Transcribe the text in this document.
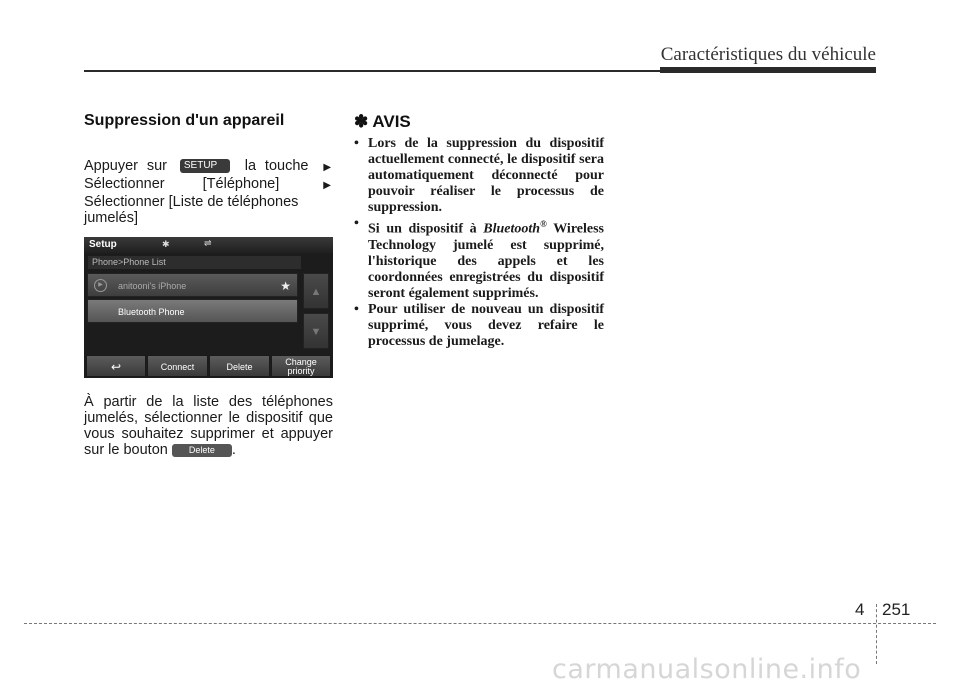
Caractéristiques du véhicule
Suppression d'un appareil
Appuyer sur SETUP la touche ▶
Sélectionner [Téléphone]	▶
Sélectionner [Liste de téléphones jumelés]
Setup	✱	⇌
Phone>Phone List
▶	anitooni's iPhone	★
Bluetooth Phone
▲
▼
↩	Connect	Delete	Change
priority
À partir de la liste des téléphones jumelés, sélectionner le dispositif que vous souhaitez supprimer et appuyer sur le bouton Delete .
✽ AVIS
• Lors de la suppression du dispositif actuellement connecté, le dispositif sera automatiquement déconnecté pour pouvoir réaliser le processus de suppression.
• Si un dispositif à Bluetooth® Wireless Technology jumelé est supprimé, l'historique des appels et les coordonnées enregistrées du dispositif seront également supprimés.
• Pour utiliser de nouveau un dispositif supprimé, vous devez refaire le processus de jumelage.
4 251
carmanualsonline.info
